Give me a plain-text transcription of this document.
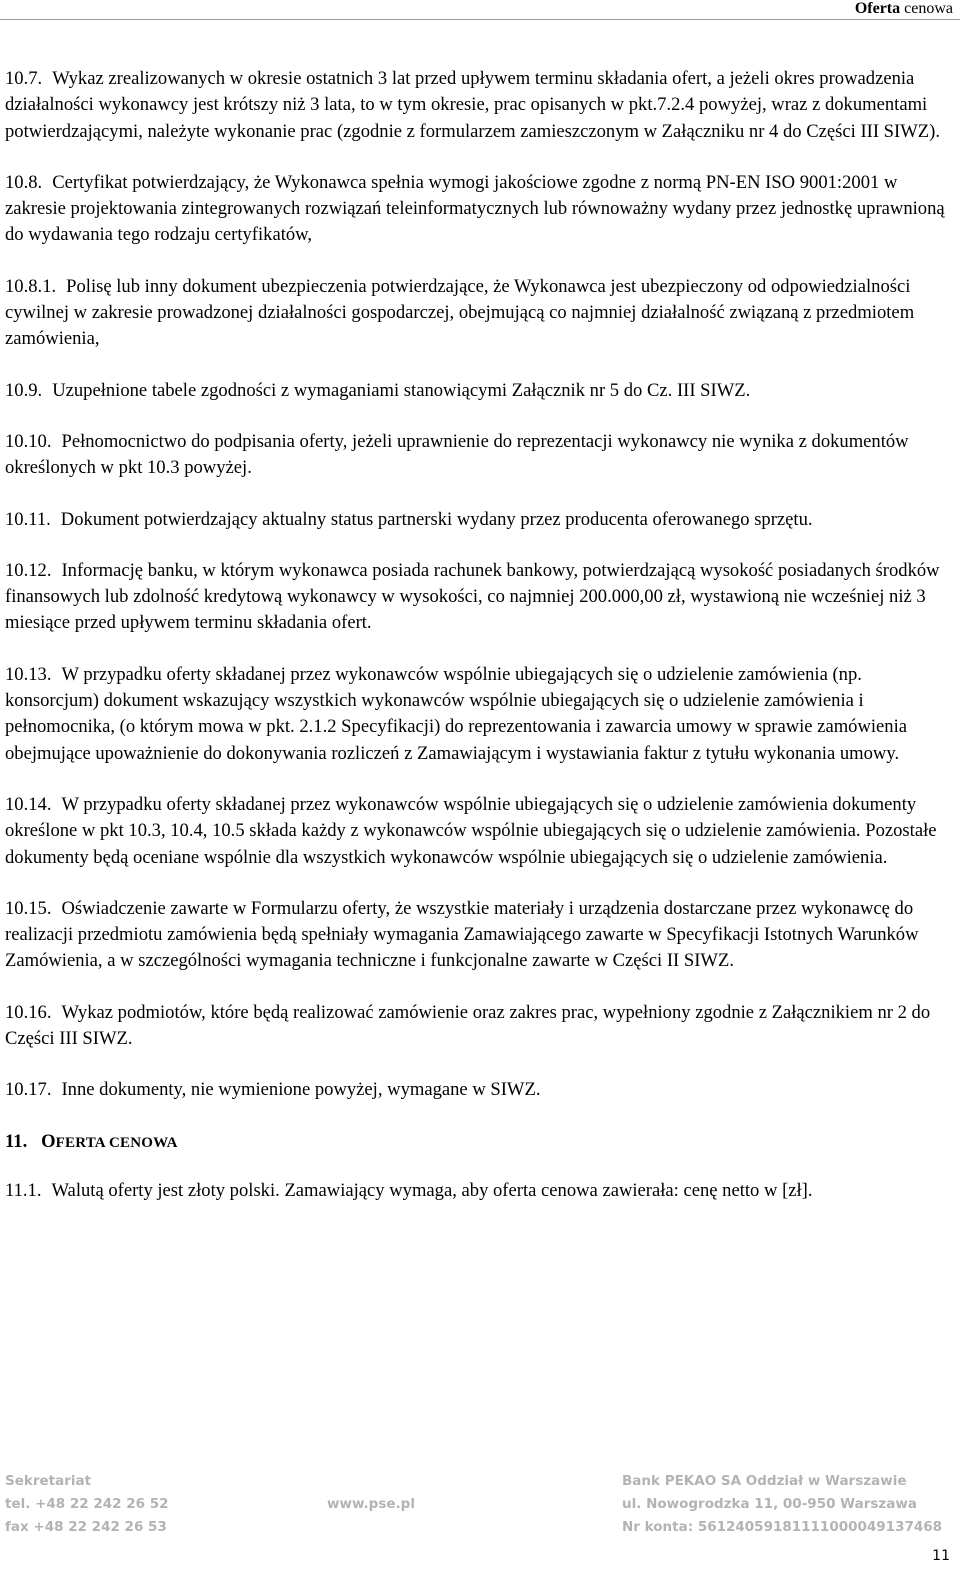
Oferta cenowa

10.7. Wykaz zrealizowanych w okresie ostatnich 3 lat przed upływem terminu składania ofert, a jeżeli okres prowadzenia działalności wykonawcy jest krótszy niż 3 lata, to w tym okresie, prac opisanych w pkt.7.2.4 powyżej, wraz z dokumentami potwierdzającymi, należyte wykonanie prac (zgodnie z formularzem zamieszczonym w Załączniku nr 4 do Części III SIWZ).

10.8. Certyfikat potwierdzający, że Wykonawca spełnia wymogi jakościowe zgodne z normą PN-EN ISO 9001:2001 w zakresie projektowania zintegrowanych rozwiązań teleinformatycznych lub równoważny wydany przez jednostkę uprawnioną do wydawania tego rodzaju certyfikatów,

10.8.1. Polisę lub inny dokument ubezpieczenia potwierdzające, że Wykonawca jest ubezpieczony od odpowiedzialności cywilnej w zakresie prowadzonej działalności gospodarczej, obejmującą co najmniej działalność związaną z przedmiotem zamówienia,

10.9. Uzupełnione tabele zgodności z wymaganiami stanowiącymi Załącznik nr 5 do Cz. III SIWZ.

10.10. Pełnomocnictwo do podpisania oferty, jeżeli uprawnienie do reprezentacji wykonawcy nie wynika z dokumentów określonych w pkt 10.3 powyżej.

10.11. Dokument potwierdzający aktualny status partnerski wydany przez producenta oferowanego sprzętu.

10.12. Informację banku, w którym wykonawca posiada rachunek bankowy, potwierdzającą wysokość posiadanych środków finansowych lub zdolność kredytową wykonawcy w wysokości, co najmniej 200.000,00 zł, wystawioną nie wcześniej niż 3 miesiące przed upływem terminu składania ofert.

10.13. W przypadku oferty składanej przez wykonawców wspólnie ubiegających się o udzielenie zamówienia (np. konsorcjum) dokument wskazujący wszystkich wykonawców wspólnie ubiegających się o udzielenie zamówienia i pełnomocnika, (o którym mowa w pkt. 2.1.2 Specyfikacji) do reprezentowania i zawarcia umowy w sprawie zamówienia obejmujące upoważnienie do dokonywania rozliczeń z Zamawiającym i wystawiania faktur z tytułu wykonania umowy.

10.14. W przypadku oferty składanej przez wykonawców wspólnie ubiegających się o udzielenie zamówienia dokumenty określone w pkt 10.3, 10.4, 10.5 składa każdy z wykonawców wspólnie ubiegających się o udzielenie zamówienia. Pozostałe dokumenty będą oceniane wspólnie dla wszystkich wykonawców wspólnie ubiegających się o udzielenie zamówienia.

10.15. Oświadczenie zawarte w Formularzu oferty, że wszystkie materiały i urządzenia dostarczane przez wykonawcę do realizacji przedmiotu zamówienia będą spełniały wymagania Zamawiającego zawarte w Specyfikacji Istotnych Warunków Zamówienia, a w szczególności wymagania techniczne i funkcjonalne zawarte w Części II SIWZ.

10.16. Wykaz podmiotów, które będą realizować zamówienie oraz zakres prac, wypełniony zgodnie z Załącznikiem nr 2 do Części III SIWZ.

10.17. Inne dokumenty, nie wymienione powyżej, wymagane w SIWZ.

11. OFERTA CENOWA

11.1. Walutą oferty jest złoty polski. Zamawiający wymaga, aby oferta cenowa zawierała: cenę netto w [zł].

Sekretariat
tel. +48 22 242 26 52
fax +48 22 242 26 53
www.pse.pl
Bank PEKAO SA Oddział w Warszawie
ul. Nowogrodzka 11, 00-950 Warszawa
Nr konta: 56124059181111000049137468
11
